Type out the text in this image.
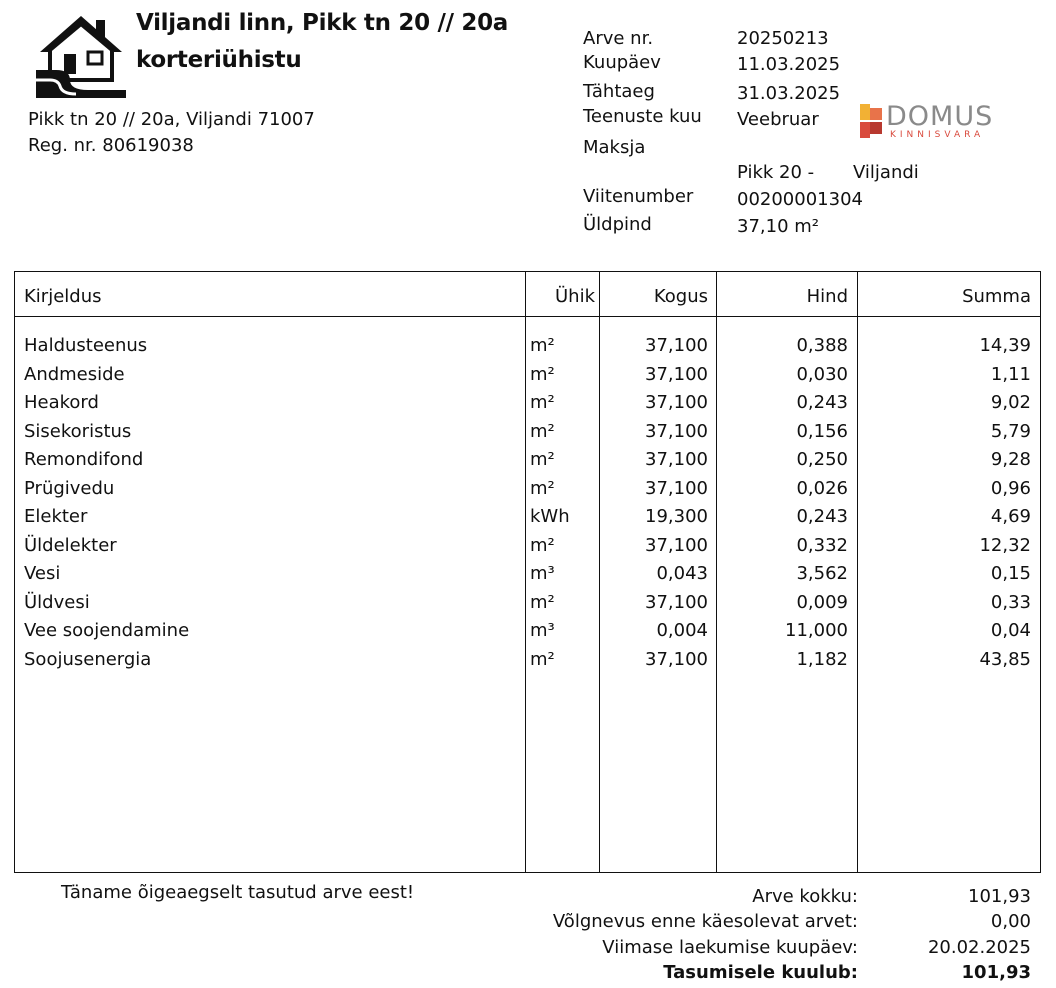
Viljandi linn, Pikk tn 20 // 20a
korteriühistu
Pikk tn 20 // 20a, Viljandi 71007
Reg. nr. 80619038
Arve nr.	20250213
Kuupäev	11.03.2025
Tähtaeg	31.03.2025
Teenuste kuu Veebruar
Maksja
Pikk 20 - Viljandi
Viitenumber 00200001304
Üldpind	37,10 m²
DOMUS
KINNISVARA
Kirjeldus	Ühik	Kogus	Hind	Summa
Haldusteenus	m²	37,100	0,388	14,39
Andmeside	m²	37,100	0,030	1,11
Heakord	m²	37,100	0,243	9,02
Sisekoristus	m²	37,100	0,156	5,79
Remondifond	m²	37,100	0,250	9,28
Prügivedu	m²	37,100	0,026	0,96
Elekter	kWh	19,300	0,243	4,69
Üldelekter	m²	37,100	0,332	12,32
Vesi	m³	0,043	3,562	0,15
Üldvesi	m²	37,100	0,009	0,33
Vee soojendamine	m³	0,004	11,000	0,04
Soojusenergia	m²	37,100	1,182	43,85
Täname õigeaegselt tasutud arve eest!	Arve kokku:	101,93
Võlgnevus enne käesolevat arvet:	0,00
Viimase laekumise kuupäev:	20.02.2025
Tasumisele kuulub:	101,93
